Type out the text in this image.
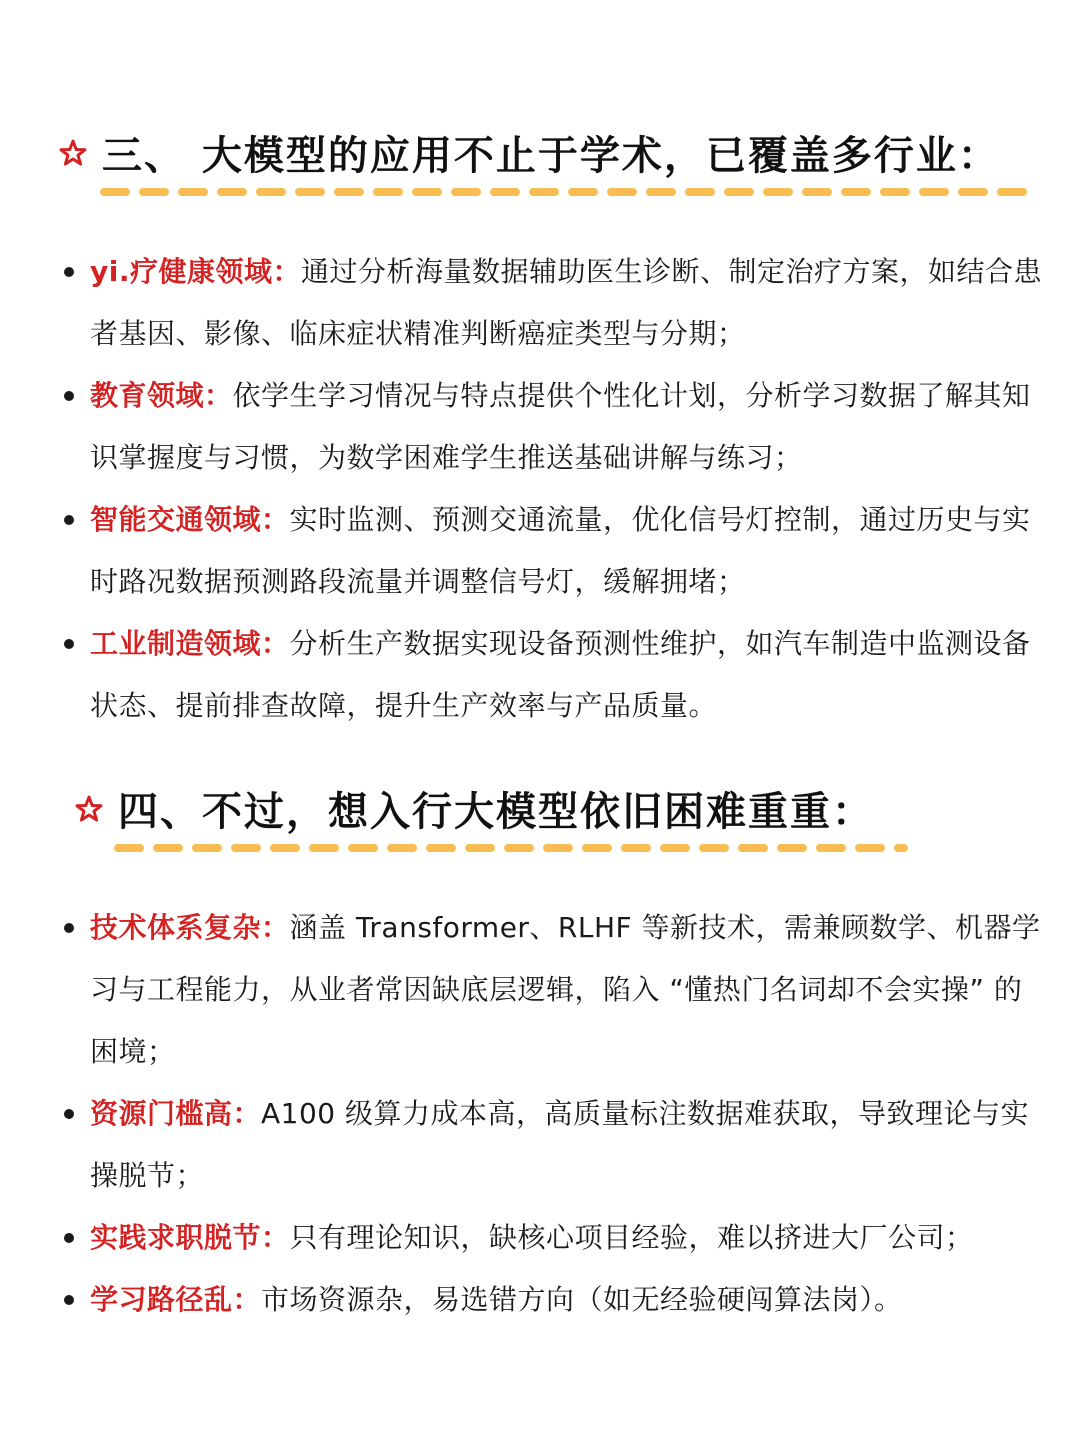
三、 大模型的应用不止于学术，已覆盖多行业：
yi.疗健康领域：通过分析海量数据辅助医生诊断、制定治疗方案，如结合患者基因、影像、临床症状精准判断癌症类型与分期；
教育领域：依学生学习情况与特点提供个性化计划，分析学习数据了解其知识掌握度与习惯，为数学困难学生推送基础讲解与练习；
智能交通领域：实时监测、预测交通流量，优化信号灯控制，通过历史与实时路况数据预测路段流量并调整信号灯，缓解拥堵；
工业制造领域：分析生产数据实现设备预测性维护，如汽车制造中监测设备状态、提前排查故障，提升生产效率与产品质量。
四、不过，想入行大模型依旧困难重重：
技术体系复杂：涵盖 Transformer、RLHF 等新技术，需兼顾数学、机器学习与工程能力，从业者常因缺底层逻辑，陷入 “懂热门名词却不会实操” 的困境；
资源门槛高：A100 级算力成本高，高质量标注数据难获取，导致理论与实操脱节；
实践求职脱节：只有理论知识，缺核心项目经验，难以挤进大厂公司；
学习路径乱：市场资源杂，易选错方向（如无经验硬闯算法岗）。
